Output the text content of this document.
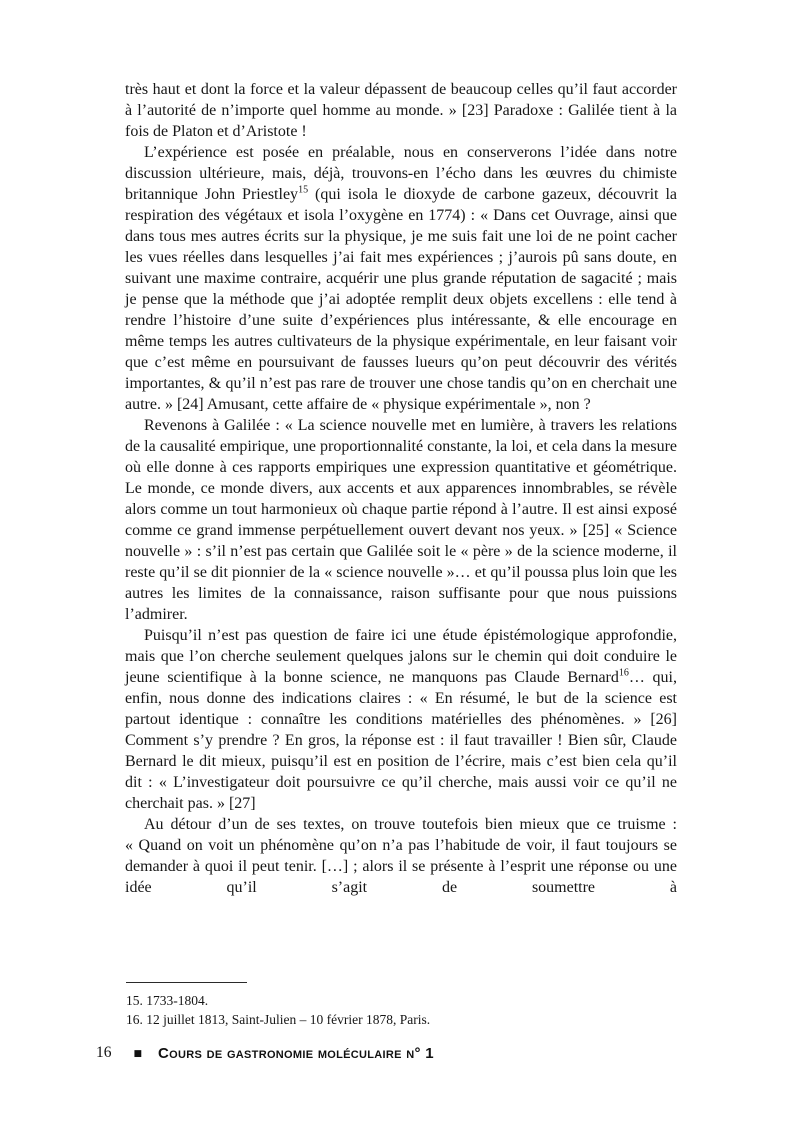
très haut et dont la force et la valeur dépassent de beaucoup celles qu’il faut accorder à l’autorité de n’importe quel homme au monde. » [23] Paradoxe : Galilée tient à la fois de Platon et d’Aristote !

L’expérience est posée en préalable, nous en conserverons l’idée dans notre discussion ultérieure, mais, déjà, trouvons-en l’écho dans les œuvres du chimiste britannique John Priestley$^{15}$ (qui isola le dioxyde de carbone gazeux, découvrit la respiration des végétaux et isola l’oxygène en 1774) : « Dans cet Ouvrage, ainsi que dans tous mes autres écrits sur la physique, je me suis fait une loi de ne point cacher les vues réelles dans lesquelles j’ai fait mes expériences ; j’aurois pû sans doute, en suivant une maxime contraire, acquérir une plus grande réputation de sagacité ; mais je pense que la méthode que j’ai adoptée remplit deux objets excellens : elle tend à rendre l’histoire d’une suite d’expériences plus intéressante, & elle encourage en même temps les autres cultivateurs de la physique expérimentale, en leur faisant voir que c’est même en poursuivant de fausses lueurs qu’on peut découvrir des vérités importantes, & qu’il n’est pas rare de trouver une chose tandis qu’on en cherchait une autre. » [24] Amusant, cette affaire de « physique expérimentale », non ?

Revenons à Galilée : « La science nouvelle met en lumière, à travers les relations de la causalité empirique, une proportionnalité constante, la loi, et cela dans la mesure où elle donne à ces rapports empiriques une expression quantitative et géométrique. Le monde, ce monde divers, aux accents et aux apparences innombrables, se révèle alors comme un tout harmonieux où chaque partie répond à l’autre. Il est ainsi exposé comme ce grand immense perpétuellement ouvert devant nos yeux. » [25] « Science nouvelle » : s’il n’est pas certain que Galilée soit le « père » de la science moderne, il reste qu’il se dit pionnier de la « science nouvelle »… et qu’il poussa plus loin que les autres les limites de la connaissance, raison suffisante pour que nous puissions l’admirer.

Puisqu’il n’est pas question de faire ici une étude épistémologique approfondie, mais que l’on cherche seulement quelques jalons sur le chemin qui doit conduire le jeune scientifique à la bonne science, ne manquons pas Claude Bernard$^{16}$… qui, enfin, nous donne des indications claires : « En résumé, le but de la science est partout identique : connaître les conditions matérielles des phénomènes. » [26] Comment s’y prendre ? En gros, la réponse est : il faut travailler ! Bien sûr, Claude Bernard le dit mieux, puisqu’il est en position de l’écrire, mais c’est bien cela qu’il dit : « L’investigateur doit poursuivre ce qu’il cherche, mais aussi voir ce qu’il ne cherchait pas. » [27]

Au détour d’un de ses textes, on trouve toutefois bien mieux que ce truisme : « Quand on voit un phénomène qu’on n’a pas l’habitude de voir, il faut toujours se demander à quoi il peut tenir. […] ; alors il se présente à l’esprit une réponse ou une idée qu’il s’agit de soumettre à

15. 1733-1804.

16. 12 juillet 1813, Saint-Julien – 10 février 1878, Paris.

16 ■ Cours de gastronomie moléculaire n° 1
